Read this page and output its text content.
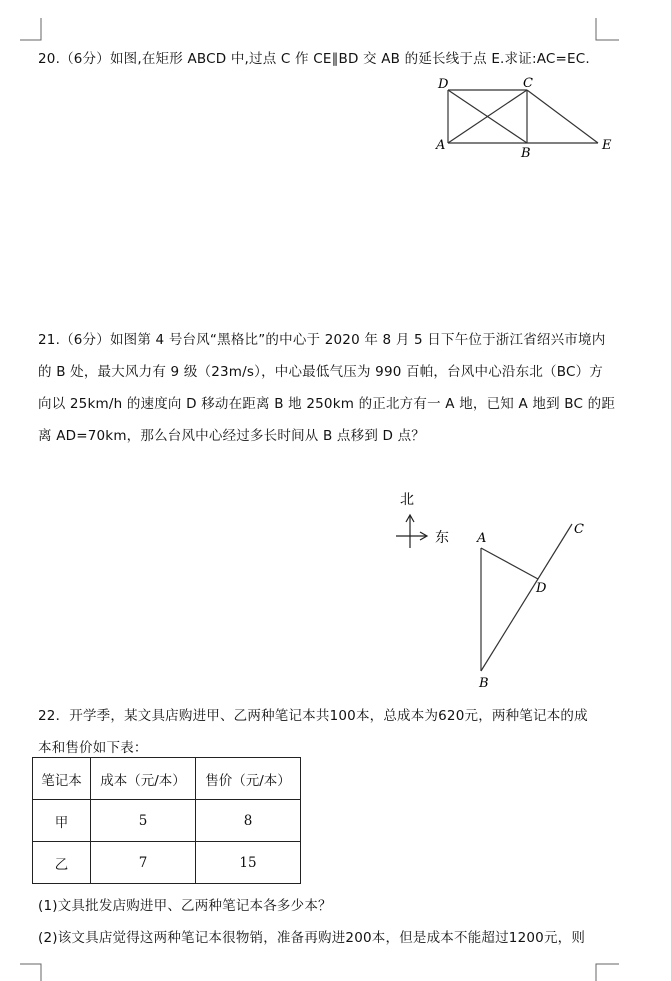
20.（6分）如图,在矩形 ABCD 中,过点 C 作 CE∥BD 交 AB 的延长线于点 E.求证:AC=EC.
D	C
A
B
E
21.（6分）如图第 4 号台风“黑格比”的中心于 2020 年 8 月 5 日下午位于浙江省绍兴市境内
的 B 处，最大风力有 9 级（23m/s），中心最低气压为 990 百帕，台风中心沿东北（BC）方
向以 25km/h 的速度向 D 移动在距离 B 地 250km 的正北方有一 A 地，已知 A 地到 BC 的距
离 AD=70km，那么台风中心经过多长时间从 B 点移到 D 点？
北
东 A
B
C
D
22．开学季，某文具店购进甲、乙两种笔记本共100本，总成本为620元，两种笔记本的成
本和售价如下表：
笔记本	成本（元/本）	售价（元/本）
甲	5	8
乙	7	15
(1)文具批发店购进甲、乙两种笔记本各多少本？
(2)该文具店觉得这两种笔记本很物销，准备再购进200本，但是成本不能超过1200元，则
